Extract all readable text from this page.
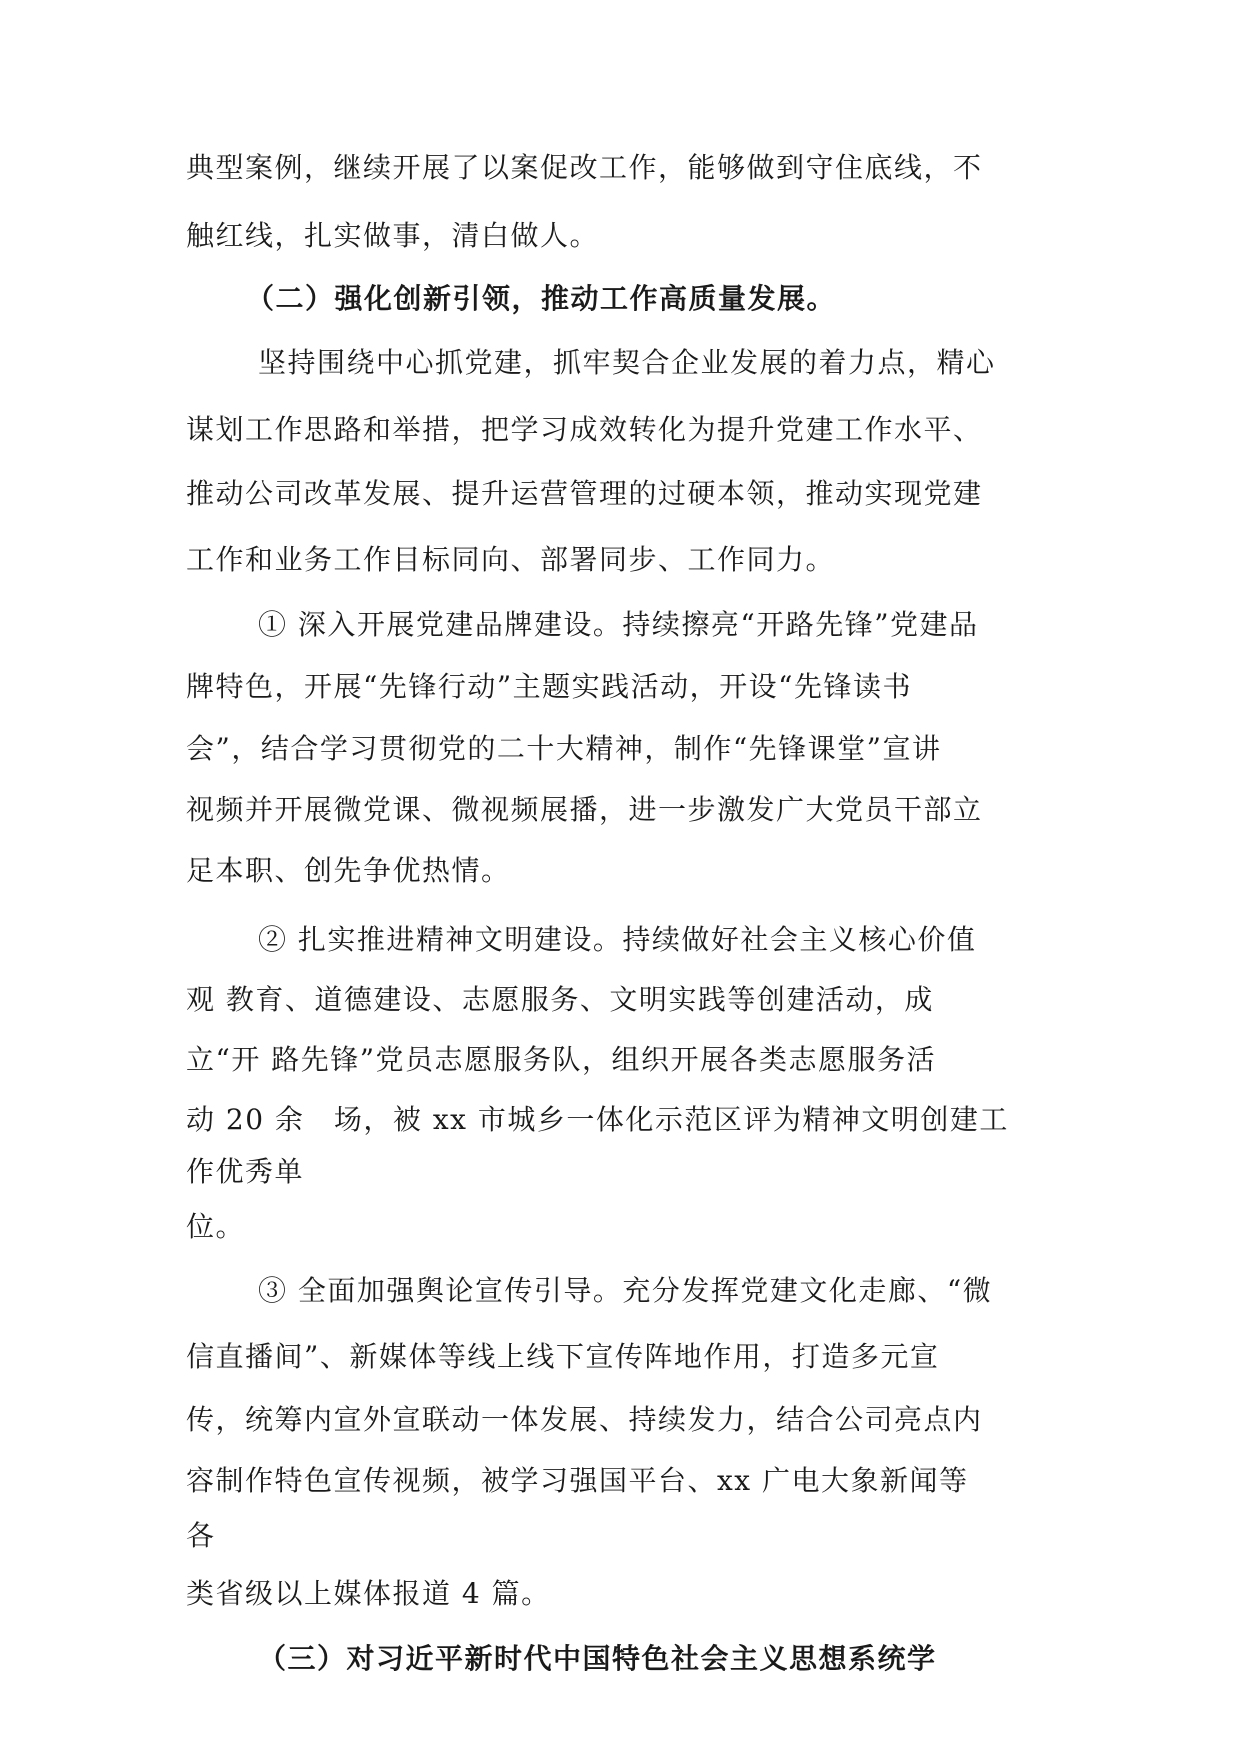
典型案例，继续开展了以案促改工作，能够做到守住底线，不
触红线，扎实做事，清白做人。
（二）强化创新引领，推动工作高质量发展。
坚持围绕中心抓党建，抓牢契合企业发展的着力点，精心
谋划工作思路和举措，把学习成效转化为提升党建工作水平、
推动公司改革发展、提升运营管理的过硬本领，推动实现党建
工作和业务工作目标同向、部署同步、工作同力。
① 深入开展党建品牌建设。持续擦亮“开路先锋”党建品
牌特色，开展“先锋行动”主题实践活动，开设“先锋读书
会”，结合学习贯彻党的二十大精神，制作“先锋课堂”宣讲
视频并开展微党课、微视频展播，进一步激发广大党员干部立
足本职、创先争优热情。
② 扎实推进精神文明建设。持续做好社会主义核心价值
观 教育、道德建设、志愿服务、文明实践等创建活动，成
立“开 路先锋”党员志愿服务队，组织开展各类志愿服务活
动 20 余　场，被 xx 市城乡一体化示范区评为精神文明创建工
作优秀单
位。
③ 全面加强舆论宣传引导。充分发挥党建文化走廊、“微
信直播间”、新媒体等线上线下宣传阵地作用，打造多元宣
传，统筹内宣外宣联动一体发展、持续发力，结合公司亮点内
容制作特色宣传视频，被学习强国平台、xx 广电大象新闻等
各
类省级以上媒体报道 4 篇。
（三）对习近平新时代中国特色社会主义思想系统学
